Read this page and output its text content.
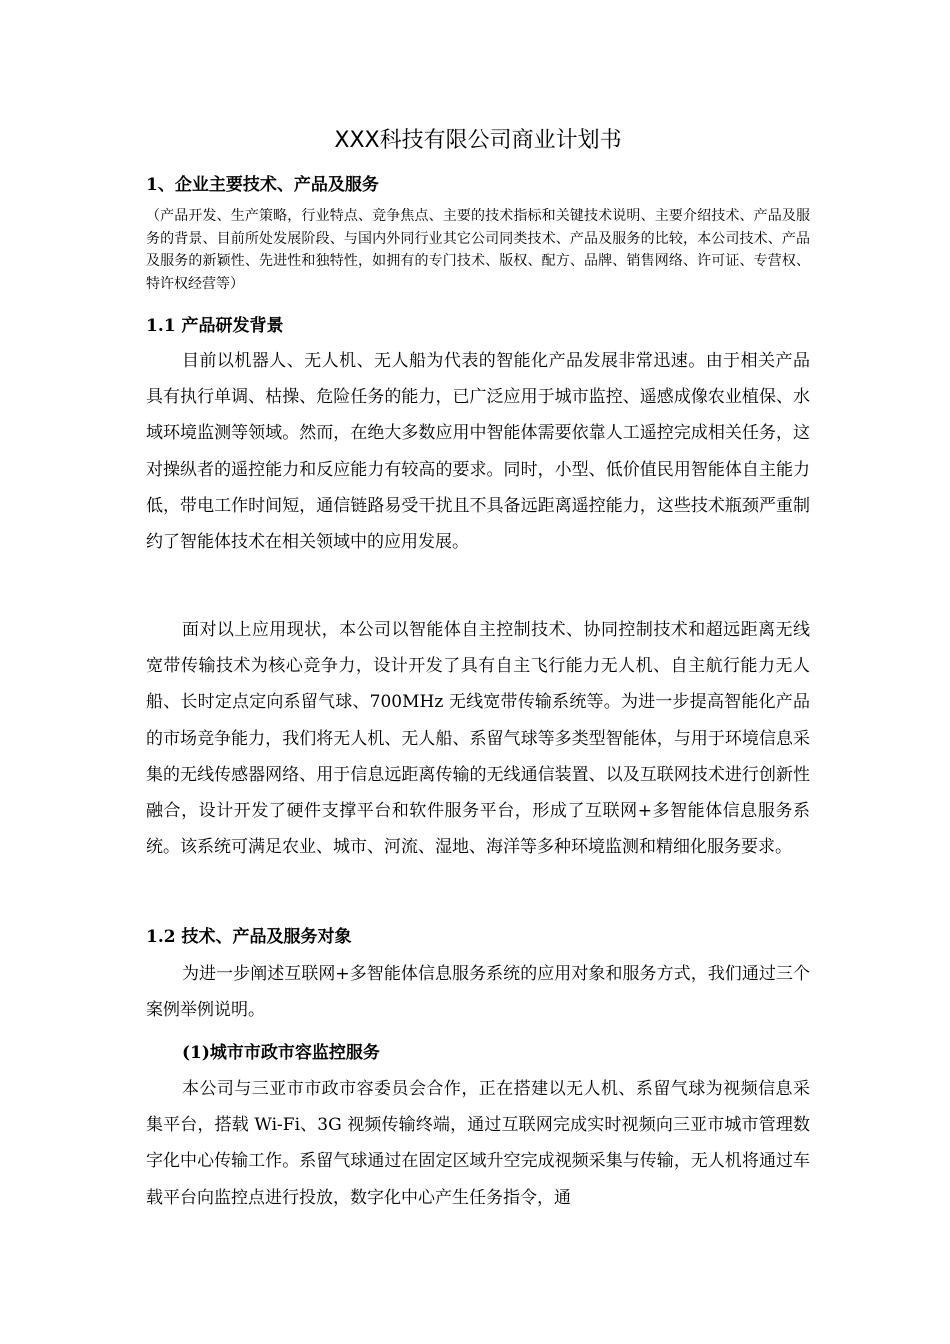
XXX科技有限公司商业计划书
1、企业主要技术、产品及服务

（产品开发、生产策略，行业特点、竞争焦点、主要的技术指标和关键技术说明、主要介绍技术、产品及服务的背景、目前所处发展阶段、与国内外同行业其它公司同类技术、产品及服务的比较，本公司技术、产品及服务的新颖性、先进性和独特性，如拥有的专门技术、版权、配方、品牌、销售网络、许可证、专营权、特许权经营等）

1.1 产品研发背景

目前以机器人、无人机、无人船为代表的智能化产品发展非常迅速。由于相关产品具有执行单调、枯操、危险任务的能力，已广泛应用于城市监控、遥感成像农业植保、水域环境监测等领域。然而，在绝大多数应用中智能体需要依靠人工遥控完成相关任务，这对操纵者的遥控能力和反应能力有较高的要求。同时，小型、低价值民用智能体自主能力低，带电工作时间短，通信链路易受干扰且不具备远距离遥控能力，这些技术瓶颈严重制约了智能体技术在相关领域中的应用发展。

面对以上应用现状，本公司以智能体自主控制技术、协同控制技术和超远距离无线宽带传输技术为核心竞争力，设计开发了具有自主飞行能力无人机、自主航行能力无人船、长时定点定向系留气球、700MHz 无线宽带传输系统等。为进一步提高智能化产品的市场竞争能力，我们将无人机、无人船、系留气球等多类型智能体，与用于环境信息采集的无线传感器网络、用于信息远距离传输的无线通信装置、以及互联网技术进行创新性融合，设计开发了硬件支撑平台和软件服务平台，形成了互联网+多智能体信息服务系统。该系统可满足农业、城市、河流、湿地、海洋等多种环境监测和精细化服务要求。

1.2 技术、产品及服务对象

为进一步阐述互联网+多智能体信息服务系统的应用对象和服务方式，我们通过三个案例举例说明。

(1)城市市政市容监控服务

本公司与三亚市市政市容委员会合作，正在搭建以无人机、系留气球为视频信息采集平台，搭载 Wi-Fi、3G 视频传输终端，通过互联网完成实时视频向三亚市城市管理数字化中心传输工作。系留气球通过在固定区域升空完成视频采集与传输，无人机将通过车载平台向监控点进行投放，数字化中心产生任务指令，通
